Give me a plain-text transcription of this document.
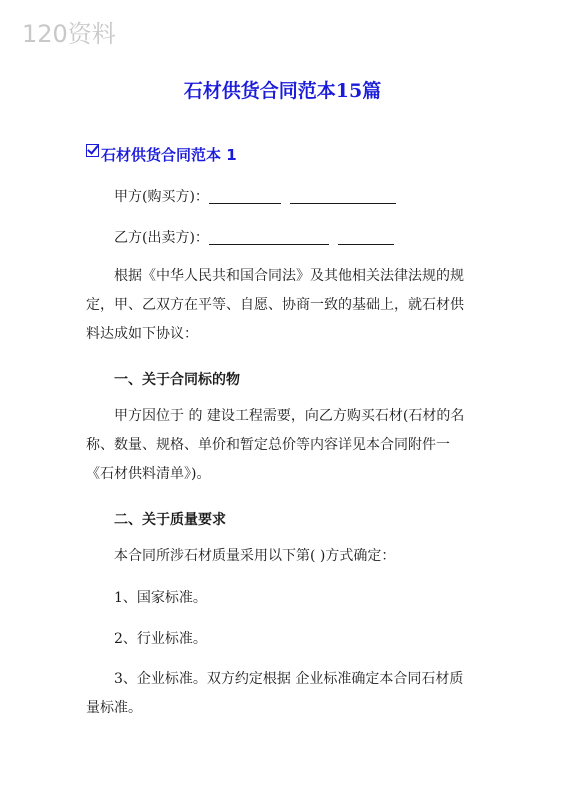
120资料
石材供货合同范本15篇
石材供货合同范本 1
甲方(购买方)：
乙方(出卖方)：
根据《中华人民共和国合同法》及其他相关法律法规的规
定，甲、乙双方在平等、自愿、协商一致的基础上，就石材供
料达成如下协议：
一、关于合同标的物
甲方因位于 的 建设工程需要，向乙方购买石材(石材的名
称、数量、规格、单价和暂定总价等内容详见本合同附件一
《石材供料清单》)。
二、关于质量要求
本合同所涉石材质量采用以下第( )方式确定：
1、国家标准。
2、行业标准。
3、企业标准。双方约定根据 企业标准确定本合同石材质
量标准。
